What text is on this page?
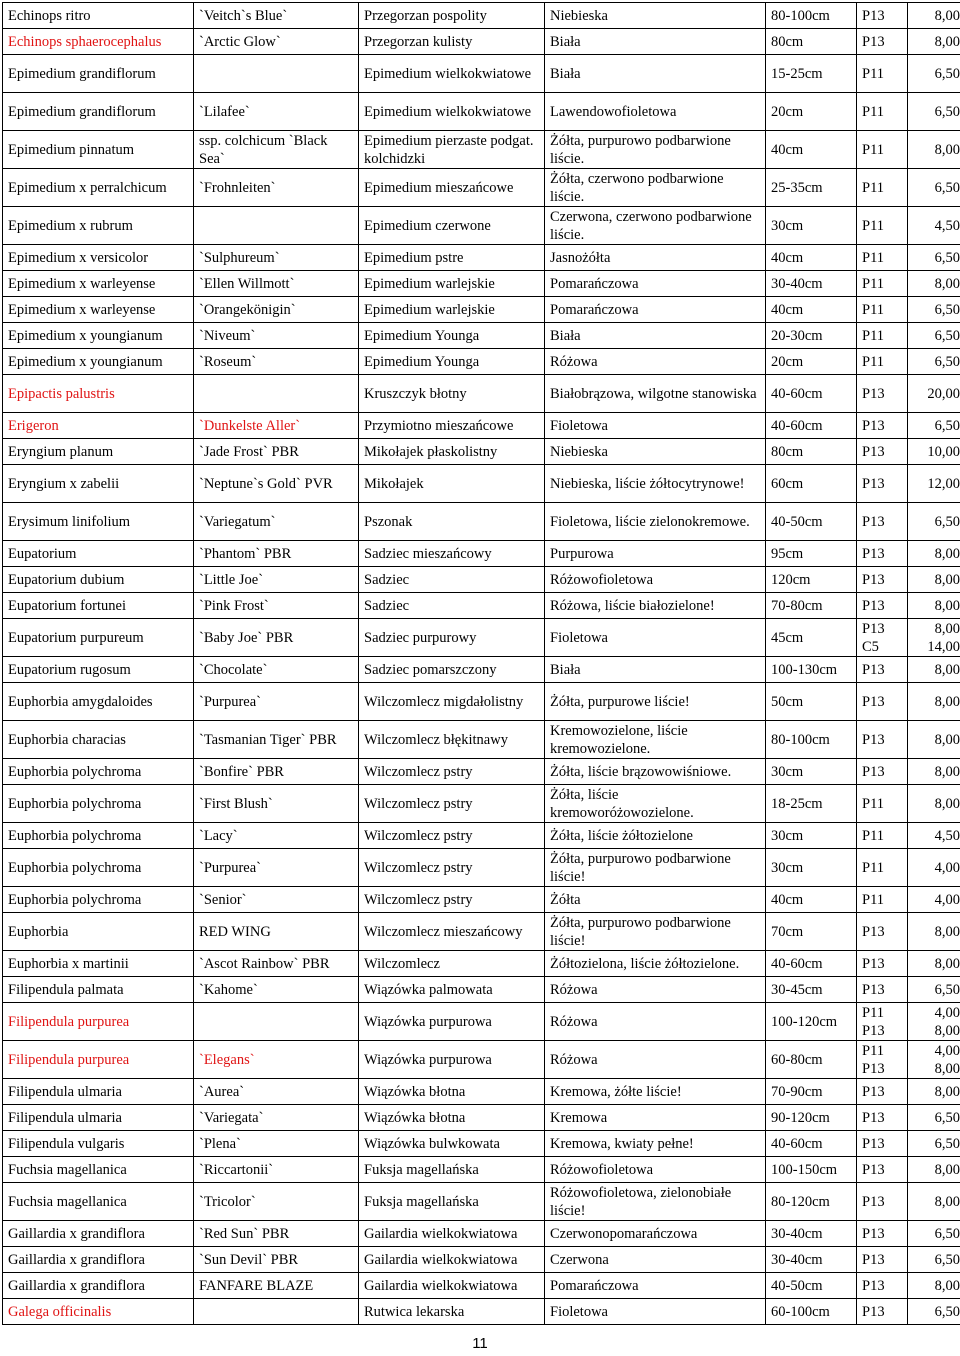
Echinops ritro	`Veitch`s Blue`	Przegorzan pospolity	Niebieska	80-100cm	P13	8,00
Echinops sphaerocephalus	`Arctic Glow`	Przegorzan kulisty	Biała	80cm	P13	8,00
Epimedium grandiflorum		Epimedium wielkokwiatowe	Biała	15-25cm	P11	6,50
Epimedium grandiflorum	`Lilafee`	Epimedium wielkokwiatowe	Lawendowofioletowa	20cm	P11	6,50
Epimedium pinnatum	ssp. colchicum `Black Sea`	Epimedium pierzaste podgat. kolchidzki	Żółta, purpurowo podbarwione liście.	40cm	P11	8,00
Epimedium x perralchicum	`Frohnleiten`	Epimedium mieszańcowe	Żółta, czerwono podbarwione liście.	25-35cm	P11	6,50
Epimedium x rubrum		Epimedium czerwone	Czerwona, czerwono podbarwione liście.	30cm	P11	4,50
Epimedium x versicolor	`Sulphureum`	Epimedium pstre	Jasnożółta	40cm	P11	6,50
Epimedium x warleyense	`Ellen Willmott`	Epimedium warlejskie	Pomarańczowa	30-40cm	P11	8,00
Epimedium x warleyense	`Orangekönigin`	Epimedium warlejskie	Pomarańczowa	40cm	P11	6,50
Epimedium x youngianum	`Niveum`	Epimedium Younga	Biała	20-30cm	P11	6,50
Epimedium x youngianum	`Roseum`	Epimedium Younga	Różowa	20cm	P11	6,50
Epipactis palustris		Kruszczyk błotny	Białobrązowa, wilgotne stanowiska	40-60cm	P13	20,00
Erigeron	`Dunkelste Aller`	Przymiotno mieszańcowe	Fioletowa	40-60cm	P13	6,50
Eryngium planum	`Jade Frost` PBR	Mikołajek płaskolistny	Niebieska	80cm	P13	10,00
Eryngium x zabelii	`Neptune`s Gold` PVR	Mikołajek	Niebieska, liście żółtocytrynowe!	60cm	P13	12,00
Erysimum linifolium	`Variegatum`	Pszonak	Fioletowa, liście zielonokremowe.	40-50cm	P13	6,50
Eupatorium	`Phantom` PBR	Sadziec mieszańcowy	Purpurowa	95cm	P13	8,00
Eupatorium dubium	`Little Joe`	Sadziec	Różowofioletowa	120cm	P13	8,00
Eupatorium fortunei	`Pink Frost`	Sadziec	Różowa, liście białozielone!	70-80cm	P13	8,00
Eupatorium purpureum	`Baby Joe` PBR	Sadziec purpurowy	Fioletowa	45cm	P13 C5	8,00 14,00
Eupatorium rugosum	`Chocolate`	Sadziec pomarszczony	Biała	100-130cm	P13	8,00
Euphorbia amygdaloides	`Purpurea`	Wilczomlecz migdałolistny	Żółta, purpurowe liście!	50cm	P13	8,00
Euphorbia characias	`Tasmanian Tiger` PBR	Wilczomlecz błękitnawy	Kremowozielone, liście kremowozielone.	80-100cm	P13	8,00
Euphorbia polychroma	`Bonfire` PBR	Wilczomlecz pstry	Żółta, liście brązowowiśniowe.	30cm	P13	8,00
Euphorbia polychroma	`First Blush`	Wilczomlecz pstry	Żółta, liście kremoworóżowozielone.	18-25cm	P11	8,00
Euphorbia polychroma	`Lacy`	Wilczomlecz pstry	Żółta, liście żółtozielone	30cm	P11	4,50
Euphorbia polychroma	`Purpurea`	Wilczomlecz pstry	Żółta, purpurowo podbarwione liście!	30cm	P11	4,00
Euphorbia polychroma	`Senior`	Wilczomlecz pstry	Żółta	40cm	P11	4,00
Euphorbia	RED WING	Wilczomlecz mieszańcowy	Żółta, purpurowo podbarwione liście!	70cm	P13	8,00
Euphorbia x martinii	`Ascot Rainbow` PBR	Wilczomlecz	Żółtozielona, liście żółtozielone.	40-60cm	P13	8,00
Filipendula palmata	`Kahome`	Wiązówka palmowata	Różowa	30-45cm	P13	6,50
Filipendula purpurea		Wiązówka purpurowa	Różowa	100-120cm	P11 P13	4,00 8,00
Filipendula purpurea	`Elegans`	Wiązówka purpurowa	Różowa	60-80cm	P11 P13	4,00 8,00
Filipendula ulmaria	`Aurea`	Wiązówka błotna	Kremowa, żółte liście!	70-90cm	P13	8,00
Filipendula ulmaria	`Variegata`	Wiązówka błotna	Kremowa	90-120cm	P13	6,50
Filipendula vulgaris	`Plena`	Wiązówka bulwkowata	Kremowa, kwiaty pełne!	40-60cm	P13	6,50
Fuchsia magellanica	`Riccartonii`	Fuksja magellańska	Różowofioletowa	100-150cm	P13	8,00
Fuchsia magellanica	`Tricolor`	Fuksja magellańska	Różowofioletowa, zielonobiałe liście!	80-120cm	P13	8,00
Gaillardia x grandiflora	`Red Sun` PBR	Gailardia wielkokwiatowa	Czerwonopomarańczowa	30-40cm	P13	6,50
Gaillardia x grandiflora	`Sun Devil` PBR	Gailardia wielkokwiatowa	Czerwona	30-40cm	P13	6,50
Gaillardia x grandiflora	FANFARE BLAZE	Gailardia wielkokwiatowa	Pomarańczowa	40-50cm	P13	8,00
Galega officinalis		Rutwica lekarska	Fioletowa	60-100cm	P13	6,50
11
